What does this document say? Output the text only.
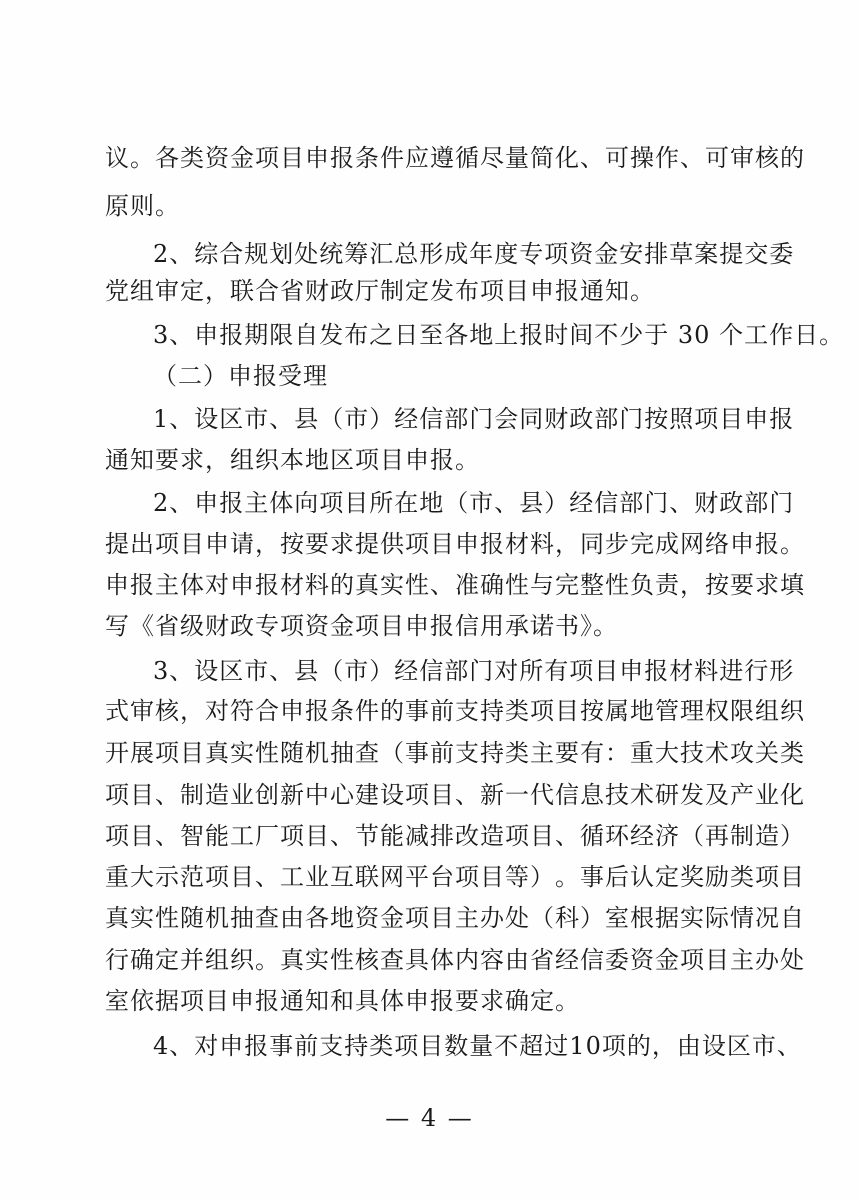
议 。 各 类 资 金 项 目 申 报 条 件 应 遵 循 尽 量 简 化 、 可 操 作 、 可 审 核 的
原则。
2 、 综 合 规 划 处 统 筹 汇 总 形 成 年 度 专 项 资 金 安 排 草 案 提 交 委
党组审定，联合省财政厅制定发布项目申报通知。
3、申报期限自发布之日至各地上报时间不少于 30 个工作日。
（二）申报受理
1 、 设 区 市 、 县 （ 市 ） 经 信 部 门 会 同 财 政 部 门 按 照 项 目 申 报
通知要求，组织本地区项目申报。
2 、 申 报 主 体 向 项 目 所 在 地 （ 市 、 县 ） 经 信 部 门 、 财 政 部 门
提出项目申请，按要求提供项目申报材料，同步完成网络申报。
申 报 主 体 对 申 报 材 料 的 真 实 性 、 准 确 性 与 完 整 性 负 责 ， 按 要 求 填
写《省级财政专项资金项目申报信用承诺书》。
3 、 设 区 市 、 县 （ 市 ） 经 信 部 门 对 所 有 项 目 申 报 材 料 进 行 形
式 审 核 ， 对 符 合 申 报 条 件 的 事 前 支 持 类 项 目 按 属 地 管 理 权 限 组 织
开 展 项 目 真 实 性 随 机 抽 查 （ 事 前 支 持 类 主 要 有 ： 重 大 技 术 攻 关 类
项 目 、 制 造 业 创 新 中 心 建 设 项 目 、 新 一 代 信 息 技 术 研 发 及 产 业 化
项 目 、 智 能 工 厂 项 目 、 节 能 减 排 改 造 项 目 、 循 环 经 济 （ 再 制 造 ）
重 大 示 范 项 目 、 工 业 互 联 网 平 台 项 目 等 ） 。 事 后 认 定 奖 励 类 项 目
真 实 性 随 机 抽 查 由 各 地 资 金 项 目 主 办 处 （ 科 ） 室 根 据 实 际 情 况 自
行 确 定 并 组 织 。 真 实 性 核 查 具 体 内 容 由 省 经 信 委 资 金 项 目 主 办 处
室依据项目申报通知和具体申报要求确定。
4 、 对 申 报 事 前 支 持 类 项 目 数 量 不 超 过 1 0 项 的 ， 由 设 区 市 、
— 4 —
